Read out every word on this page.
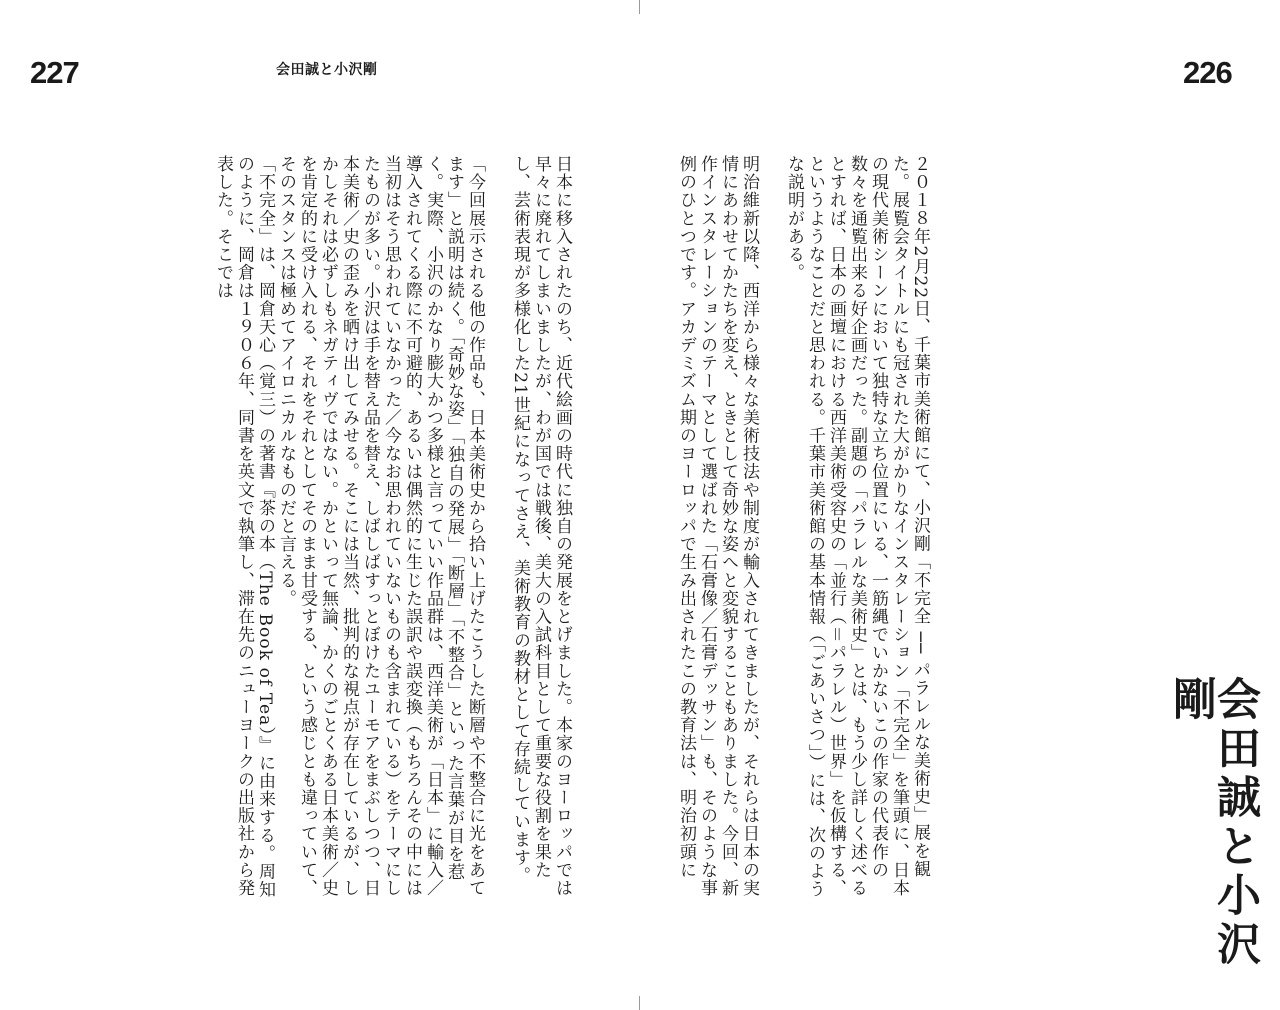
227	会田誠と小沢剛	226
会田誠と小沢剛

２０１８年2月22日、千葉市美術館にて、小沢剛「不完全 ── パラレルな美術史」展を観た。展覧会タイトルにも冠された大がかりなインスタレーション「不完全」を筆頭に、日本の現代美術シーンにおいて独特な立ち位置にいる、一筋縄でいかないこの作家の代表作の数々を通覧出来る好企画だった。副題の「パラレルな美術史」とは、もう少し詳しく述べるとすれば、日本の画壇における西洋美術受容史の「並行（＝パラレル）世界」を仮構する、というようなことだと思われる。千葉市美術館の基本情報（「ごあいさつ」）には、次のような説明がある。

明治維新以降、西洋から様々な美術技法や制度が輸入されてきましたが、それらは日本の実情にあわせてかたちを変え、ときとして奇妙な姿へと変貌することもありました。今回、新作インスタレーションのテーマとして選ばれた「石膏像／石膏デッサン」も、そのような事例のひとつです。アカデミズム期のヨーロッパで生み出されたこの教育法は、明治初頭に

日本に移入されたのち、近代絵画の時代に独自の発展をとげました。本家のヨーロッパでは早々に廃れてしまいましたが、わが国では戦後、美大の入試科目として重要な役割を果たし、芸術表現が多様化した21世紀になってさえ、美術教育の教材として存続しています。

「今回展示される他の作品も、日本美術史から拾い上げたこうした断層や不整合に光をあてます」と説明は続く。「奇妙な姿」「独自の発展」「断層」「不整合」といった言葉が目を惹く。実際、小沢のかなり膨大かつ多様と言っていい作品群は、西洋美術が「日本」に輸入／導入されてくる際に不可避的、あるいは偶然的に生じた誤訳や誤変換（もちろんその中には当初はそう思われていなかった／今なお思われていないものも含まれている）をテーマにしたものが多い。小沢は手を替え品を替え、しばしばすっとぼけたユーモアをまぶしつつ、日本美術／史の歪みを晒け出してみせる。そこには当然、批判的な視点が存在しているが、しかしそれは必ずしもネガティヴではない。かといって無論、かくのごとくある日本美術／史を肯定的に受け入れる、それをそれとしてそのまま甘受する、という感じとも違っていて、そのスタンスは極めてアイロニカルなものだと言える。

「不完全」は、岡倉天心（覚三）の著書『茶の本（The Book of Tea）』に由来する。周知のように、岡倉は１９０６年、同書を英文で執筆し、滞在先のニューヨークの出版社から発表した。そこでは
